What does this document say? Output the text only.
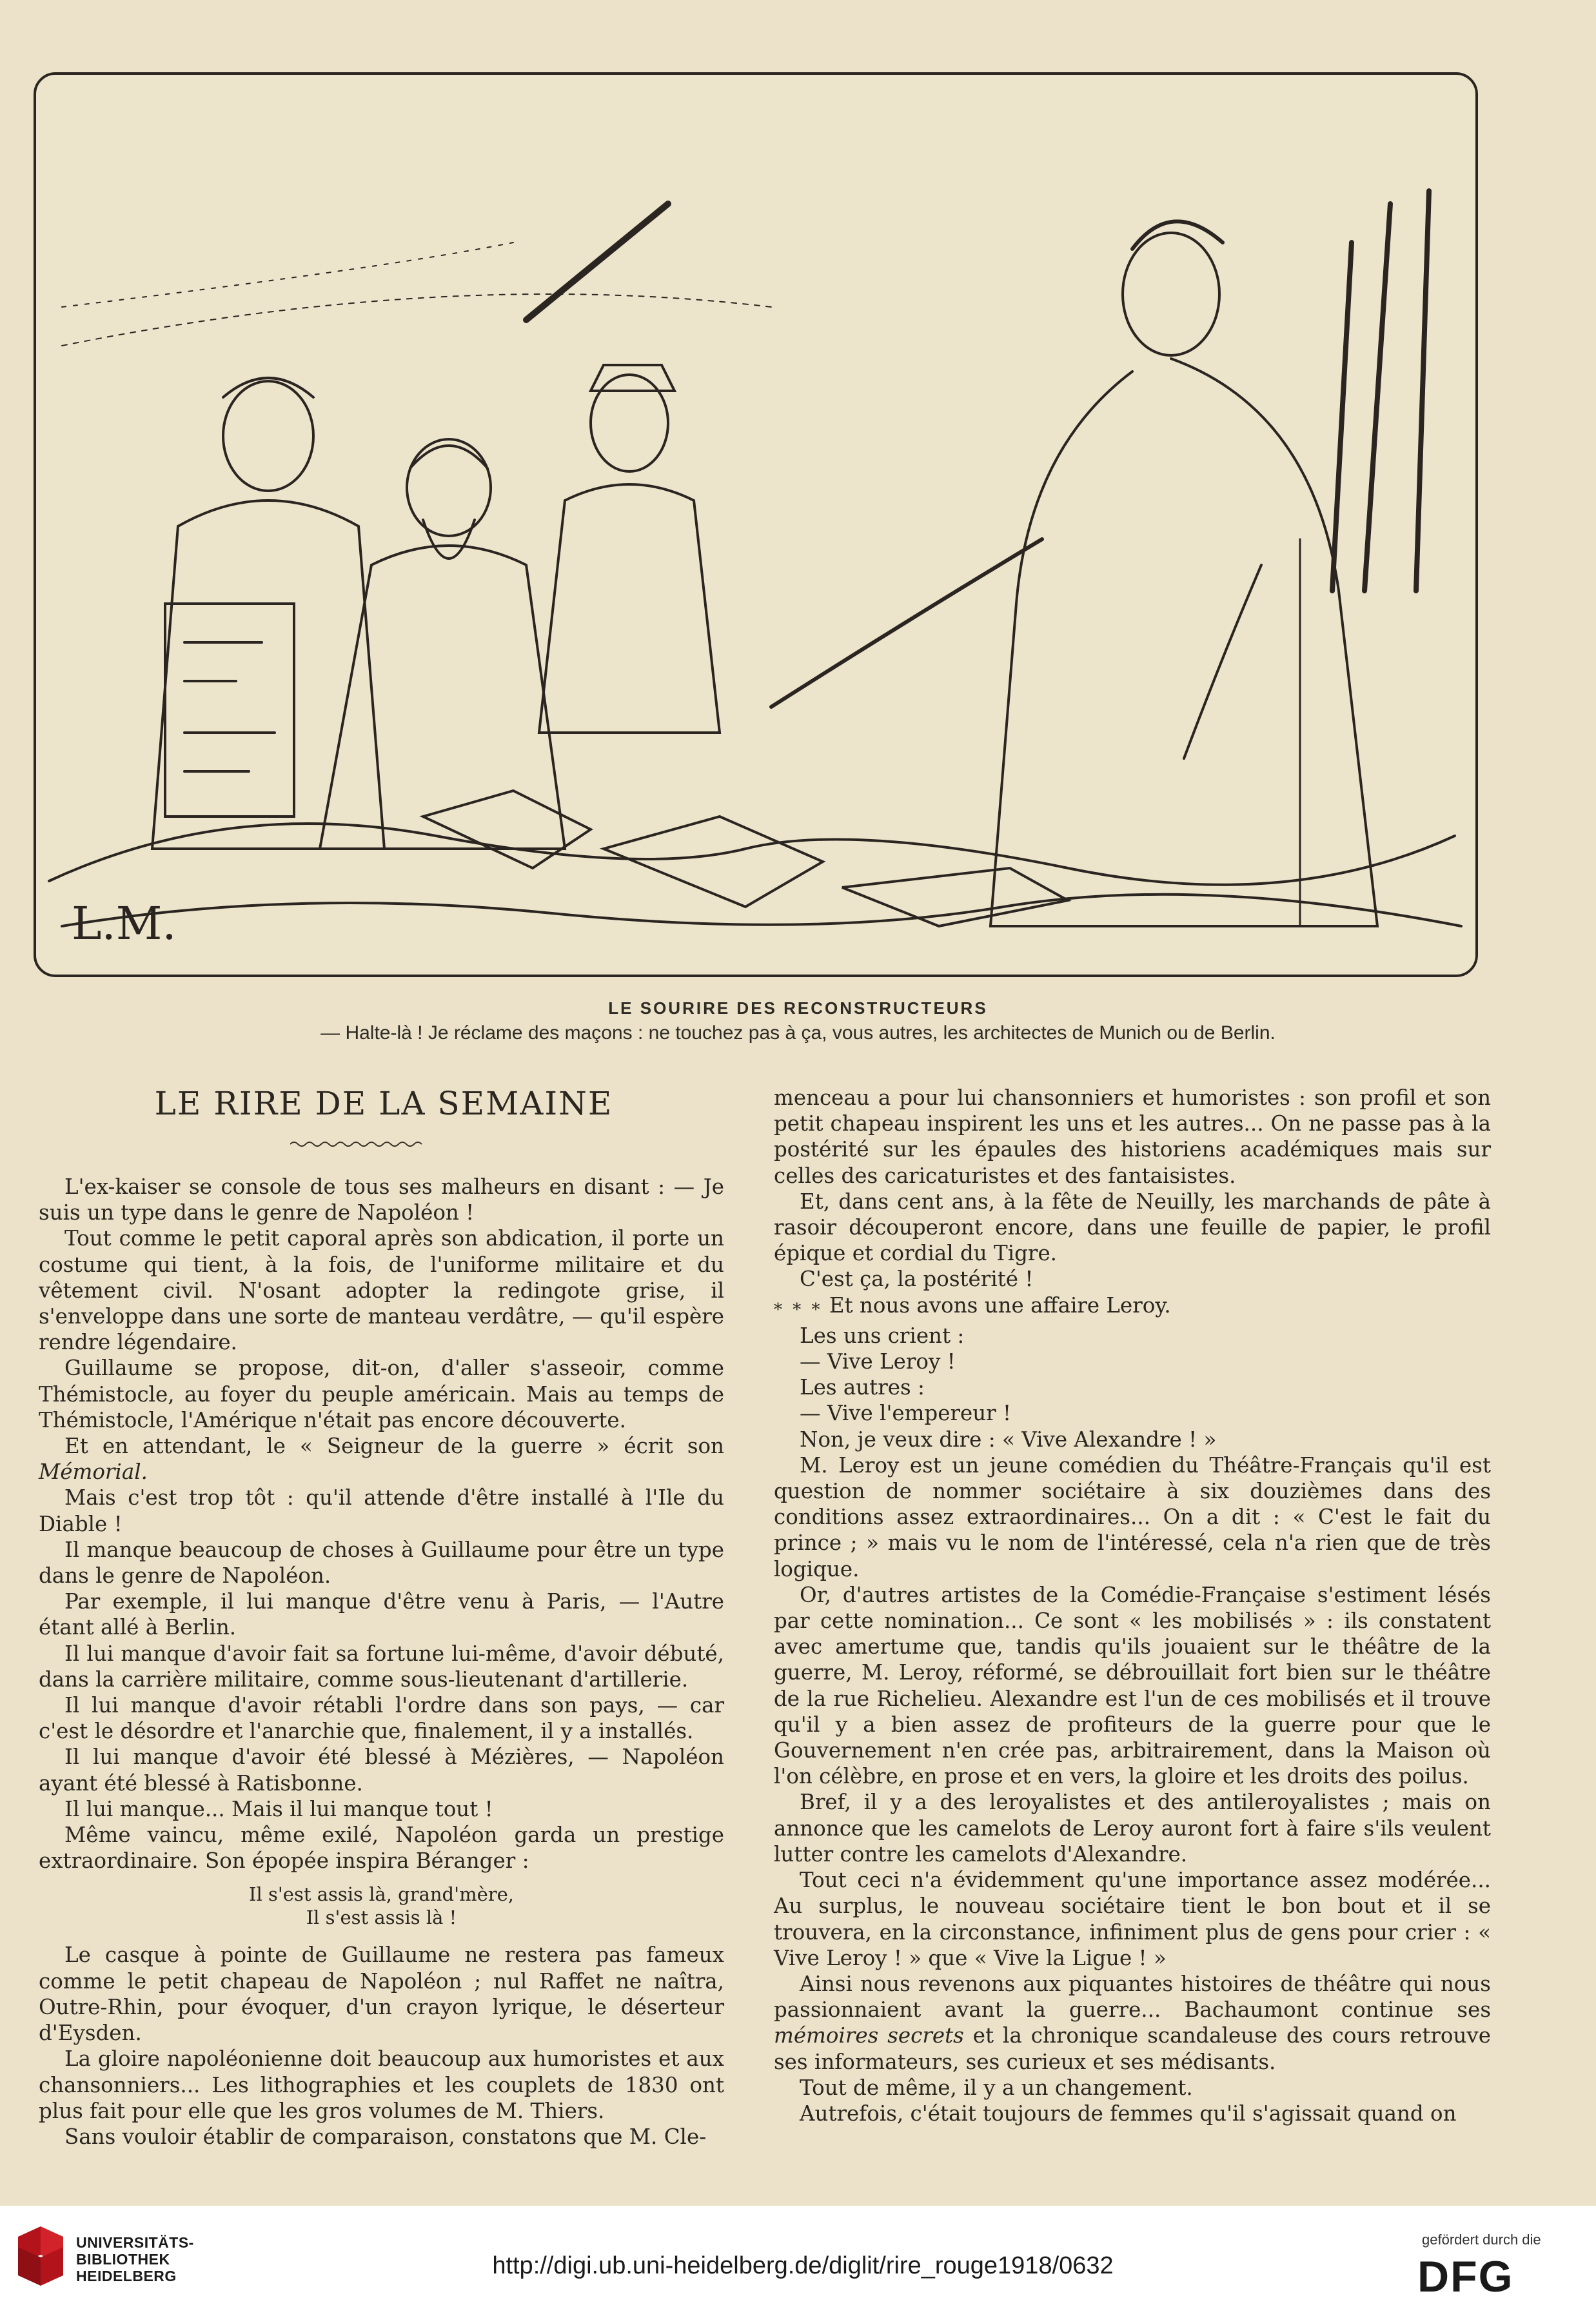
L.M.
LE SOURIRE DES RECONSTRUCTEURS
— Halte-là ! Je réclame des maçons : ne touchez pas à ça, vous autres, les architectes de Munich ou de Berlin.
LE RIRE DE LA SEMAINE

L'ex-kaiser se console de tous ses malheurs en disant : — Je suis un type dans le genre de Napoléon !

Tout comme le petit caporal après son abdication, il porte un costume qui tient, à la fois, de l'uniforme militaire et du vêtement civil. N'osant adopter la redingote grise, il s'enveloppe dans une sorte de manteau verdâtre, — qu'il espère rendre légendaire.

Guillaume se propose, dit-on, d'aller s'asseoir, comme Thémistocle, au foyer du peuple américain. Mais au temps de Thémistocle, l'Amérique n'était pas encore découverte.

Et en attendant, le « Seigneur de la guerre » écrit son Mémorial.

Mais c'est trop tôt : qu'il attende d'être installé à l'Ile du Diable !

Il manque beaucoup de choses à Guillaume pour être un type dans le genre de Napoléon.

Par exemple, il lui manque d'être venu à Paris, — l'Autre étant allé à Berlin.

Il lui manque d'avoir fait sa fortune lui-même, d'avoir débuté, dans la carrière militaire, comme sous-lieutenant d'artillerie.

Il lui manque d'avoir rétabli l'ordre dans son pays, — car c'est le désordre et l'anarchie que, finalement, il y a installés.

Il lui manque d'avoir été blessé à Mézières, — Napoléon ayant été blessé à Ratisbonne.

Il lui manque... Mais il lui manque tout !

Même vaincu, même exilé, Napoléon garda un prestige extraordinaire. Son épopée inspira Béranger :

Il s'est assis là, grand'mère,
Il s'est assis là !

Le casque à pointe de Guillaume ne restera pas fameux comme le petit chapeau de Napoléon ; nul Raffet ne naîtra, Outre-Rhin, pour évoquer, d'un crayon lyrique, le déserteur d'Eysden.

La gloire napoléonienne doit beaucoup aux humoristes et aux chansonniers... Les lithographies et les couplets de 1830 ont plus fait pour elle que les gros volumes de M. Thiers.

Sans vouloir établir de comparaison, constatons que M. Cle-

menceau a pour lui chansonniers et humoristes : son profil et son petit chapeau inspirent les uns et les autres... On ne passe pas à la postérité sur les épaules des historiens académiques mais sur celles des caricaturistes et des fantaisistes.

Et, dans cent ans, à la fête de Neuilly, les marchands de pâte à rasoir découperont encore, dans une feuille de papier, le profil épique et cordial du Tigre.

C'est ça, la postérité !

* * * Et nous avons une affaire Leroy.

Les uns crient :

— Vive Leroy !

Les autres :

— Vive l'empereur !

Non, je veux dire : « Vive Alexandre ! »

M. Leroy est un jeune comédien du Théâtre-Français qu'il est question de nommer sociétaire à six douzièmes dans des conditions assez extraordinaires... On a dit : « C'est le fait du prince ; » mais vu le nom de l'intéressé, cela n'a rien que de très logique.

Or, d'autres artistes de la Comédie-Française s'estiment lésés par cette nomination... Ce sont « les mobilisés » : ils constatent avec amertume que, tandis qu'ils jouaient sur le théâtre de la guerre, M. Leroy, réformé, se débrouillait fort bien sur le théâtre de la rue Richelieu. Alexandre est l'un de ces mobilisés et il trouve qu'il y a bien assez de profiteurs de la guerre pour que le Gouvernement n'en crée pas, arbitrairement, dans la Maison où l'on célèbre, en prose et en vers, la gloire et les droits des poilus.

Bref, il y a des leroyalistes et des antileroyalistes ; mais on annonce que les camelots de Leroy auront fort à faire s'ils veulent lutter contre les camelots d'Alexandre.

Tout ceci n'a évidemment qu'une importance assez modérée... Au surplus, le nouveau sociétaire tient le bon bout et il se trouvera, en la circonstance, infiniment plus de gens pour crier : « Vive Leroy ! » que « Vive la Ligue ! »

Ainsi nous revenons aux piquantes histoires de théâtre qui nous passionnaient avant la guerre... Bachaumont continue ses mémoires secrets et la chronique scandaleuse des cours retrouve ses informateurs, ses curieux et ses médisants.

Tout de même, il y a un changement.

Autrefois, c'était toujours de femmes qu'il s'agissait quand on

UNIVERSITÄTS-
BIBLIOTHEK
HEIDELBERG	http://digi.ub.uni-heidelberg.de/diglit/rire_rouge1918/0632
gefördert durch die
DFG
